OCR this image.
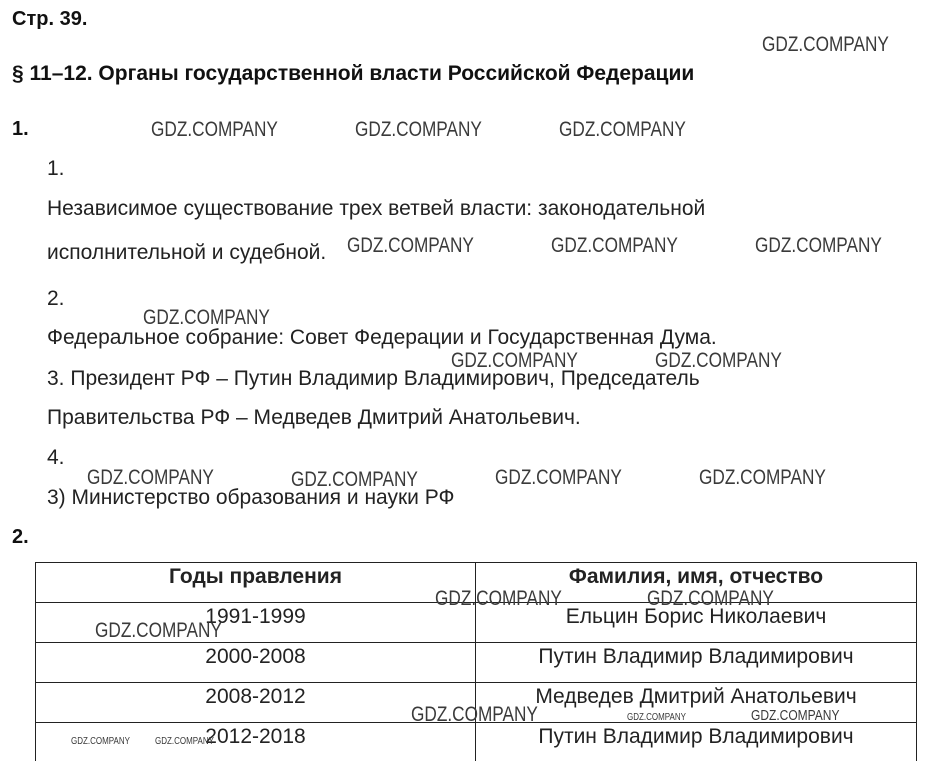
Стр. 39.
§ 11–12. Органы государственной власти Российской Федерации
1.
1.
Независимое существование трех ветвей власти: законодательной
исполнительной и судебной.
2.
Федеральное собрание: Совет Федерации и Государственная Дума.
3. Президент РФ – Путин Владимир Владимирович, Председатель
Правительства РФ – Медведев Дмитрий Анатольевич.
4.
3) Министерство образования и науки РФ
2.
Годы правления	Фамилия, имя, отчество
1991-1999	Ельцин Борис Николаевич
2000-2008	Путин Владимир Владимирович
2008-2012	Медведев Дмитрий Анатольевич
2012-2018	Путин Владимир Владимирович
GDZ.COMPANY
GDZ.COMPANY	GDZ.COMPANY	GDZ.COMPANY
GDZ.COMPANY	GDZ.COMPANY	GDZ.COMPANY
GDZ.COMPANY
GDZ.COMPANY	GDZ.COMPANY
GDZ.COMPANY	GDZ.COMPANY	GDZ.COMPANY	GDZ.COMPANY
GDZ.COMPANY	GDZ.COMPANY
GDZ.COMPANY
GDZ.COMPANY	GDZ.COMPANY
GDZ.COMPANY
GDZ.COMPANY	GDZ.COMPANY
